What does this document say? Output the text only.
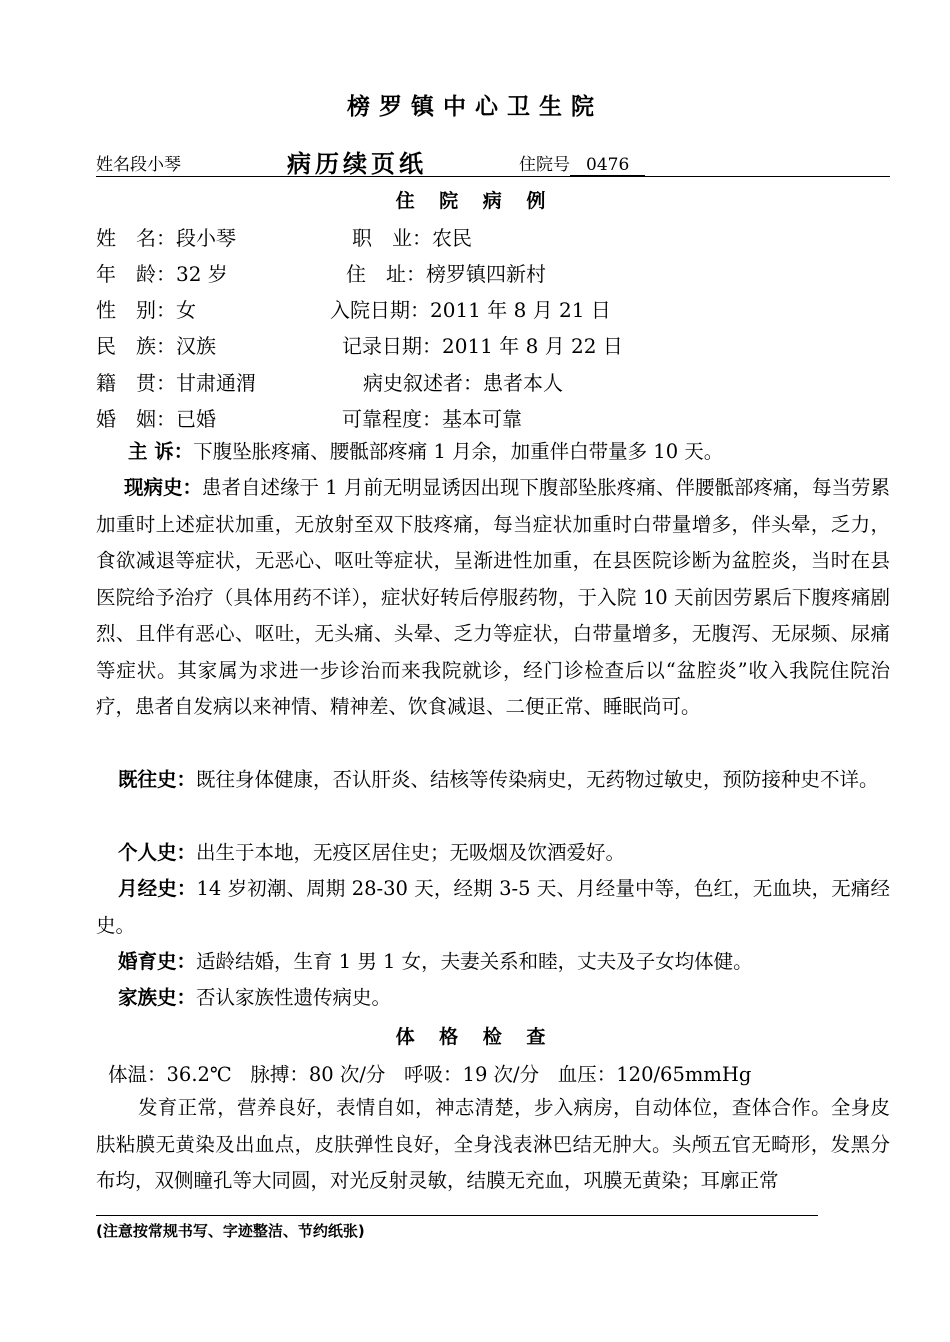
榜罗镇中心卫生院
姓名段小琴	病历续页纸	住院号 0476
住 院 病 例
姓　名：段小琴	职　业：农民
年　龄：32 岁	住　址：榜罗镇四新村
性　别：女	入院日期：2011 年 8 月 21 日
民　族：汉族	记录日期：2011 年 8 月 22 日
籍　贯：甘肃通渭	病史叙述者：患者本人
婚　姻：已婚	可靠程度：基本可靠
主 诉：下腹坠胀疼痛、腰骶部疼痛 1 月余，加重伴白带量多 10 天。
现病史：患者自述缘于 1 月前无明显诱因出现下腹部坠胀疼痛、伴腰骶部疼痛，每当劳累加重时上述症状加重，无放射至双下肢疼痛，每当症状加重时白带量增多，伴头晕，乏力，食欲减退等症状，无恶心、呕吐等症状，呈渐进性加重，在县医院诊断为盆腔炎，当时在县医院给予治疗（具体用药不详），症状好转后停服药物，于入院 10 天前因劳累后下腹疼痛剧烈、且伴有恶心、呕吐，无头痛、头晕、乏力等症状，白带量增多，无腹泻、无尿频、尿痛等症状。其家属为求进一步诊治而来我院就诊，经门诊检查后以“盆腔炎”收入我院住院治疗，患者自发病以来神情、精神差、饮食减退、二便正常、睡眠尚可。
既往史：既往身体健康，否认肝炎、结核等传染病史，无药物过敏史，预防接种史不详。
个人史：出生于本地，无疫区居住史；无吸烟及饮酒爱好。
月经史：14 岁初潮、周期 28-30 天，经期 3-5 天、月经量中等，色红，无血块，无痛经史。
婚育史：适龄结婚，生育 1 男 1 女，夫妻关系和睦，丈夫及子女均体健。
家族史：否认家族性遗传病史。
体 格 检 查
体温：36.2℃ 脉搏：80 次/分 呼吸：19 次/分 血压：120/65mmHg
发育正常，营养良好，表情自如，神志清楚，步入病房，自动体位，查体合作。全身皮肤粘膜无黄染及出血点，皮肤弹性良好，全身浅表淋巴结无肿大。头颅五官无畸形，发黑分布均，双侧瞳孔等大同圆，对光反射灵敏，结膜无充血，巩膜无黄染；耳廓正常
(注意按常规书写、字迹整洁、节约纸张)
